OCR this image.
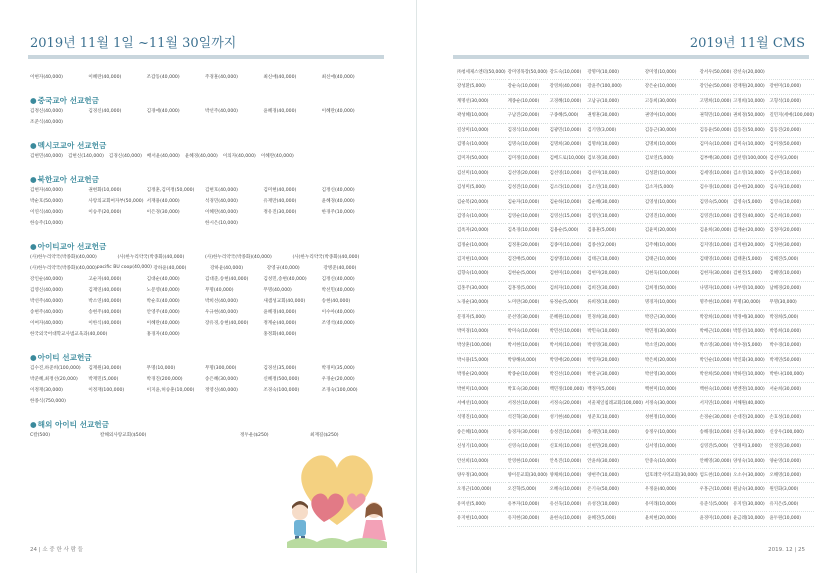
2019년 11월 1일 ~11월 30일까지
이현자(40,000)	이혜란(40,000)	조갑동(40,000)	주경훈(40,000)	최신애(40,000)	최신애(40,000)
●중국교아 선교헌금
김정신(40,000)	김경신(40,000)	김경애(40,000)	박선주(40,000)	윤혜경(40,000)	이혜란(40,000)
조준식(40,000)
●멕시코교아 선교헌금
김현민(40,000) 김현신(140,000) 김경신(40,000) 배서윤(40,000) 윤혜경(40,000) 이의자(40,000) 이혜란(40,000)
●북한교아 선교헌금
김현자(40,000)	권현화(10,000)	김정훈,김미정(50,000)	김현호(40,000)	김미현(40,000)	김정신(40,000)
박순호(50,000)	사랑의교회여자부(50,000) 서재용(40,000)	석경민(40,000)	유재만(40,000)	윤혜경(40,000)
이연식(40,000)	이승주(20,000)	이은경(30,000)	이혜란(40,000)	정유진(30,000)	한경주(10,000)
한승주(10,000)	한시은(10,000)
●아이티교아 선교헌금
(사)한누리약국(박종화)(40,000)	(사)한누리약국(박종화)(40,000)	(사)한누리약국(박종화)(40,000)	(사)한누리약국(박종화)(40,000)
(사)한누리약국(박종화)(40,000) pacific BU coop(40,000) 강하윤(40,000)	강하윤(40,000)	강영규(40,000)	강병준(40,000)
강인순(40,000)	고순자(40,000)	김대순(40,000)	김대준,송현(40,000)	김성민,송현(40,000)	김정신(40,000)
김영신(40,000)	김재연(40,000)	노문영(40,000)	무명(40,000)	무명(40,000)	박선민(40,000)
박선주(40,000)	박소연(40,000)	박순호(40,000)	박희선(40,000)	새샘성교회(40,000)	송현(40,000)
송현주(40,000)	송현주(40,000)	안영주(40,000)	우규현(40,000)	윤혜경(40,000)	이수아(40,000)
이여자(40,000)	이한식(40,000)	이혜란(40,000)	장유경,송현(40,000)	정계순(40,000)	조영석(40,000)
한국외국어대학교사범교육과(40,000)	홍경자(40,000)	홍정화(40,000)
●아이티 선교헌금
김수진,하준희(100,000)	김재원(30,000)	무명(10,000)	무명(300,000)	김경선(35,000)	박경미(35,000)
박준혜,최정선(20,000)	박재민(5,000)	박경진(200,000)	송은혜(30,000)	신혜정(500,000)	우경순(20,000)
이정재(30,000)	이정재(100,000)	이지윤,허승훈(10,000)	정영신(40,000)	조경숙(100,000)	조경숙(100,000)
한종식(750,000)
●해외 아이티 선교헌금
C칼(500)	칼해외사랑교회($500)	정두운($250)	최재길($250)
24 | 소 중 한 사 람 들
2019년 11월 CMS
㈜청세제스엔터(50,000) 강미영목장(50,000) 강도숙(10,000)	강명미(10,000)	강미영(10,000)	강서우(50,000) 강선숙(20,000)
강성환(5,000)	강순숙(10,000)	강영희(40,000)	강윤주(100,000)	강은순(10,000)	강인순(50,000) 강재원(20,000)	강현미(10,000)
계명선(30,000)	계종순(10,000)	고경혜(10,000)	고남규(10,000)	고동희(30,000)	고명희(10,000) 고정희(10,000)	고형석(10,000)
곽성혜(10,000)	구남진(20,000)	구종혜(5,000)	권병훈(30,000)	권영아(10,000)	권혁민(10,000) 권희경(50,000)	길민지(세예(100,000)
길상미(10,000)	김경식(10,000)	김광민(10,000)	김기영(3,000)	김동근(30,000)	김동윤(50,000) 김동진(50,000)	김동진(20,000)
김명숙(10,000)	김명숙(10,000)	김명희(30,000)	김명희(10,000)	김명희(10,000)	김미숙(10,000) 김미숙(10,000)	김미정(50,000)
김미자(50,000)	김미정(10,000)	김배드로(10,000) 김보경(30,000)	김보연(5,000)	김부배(30,000) 김선영(100,000) 김선미(3,000)
김선미(10,000)	김선영(20,000)	김선영(10,000)	김선미(10,000)	김성환(10,000)	김세영(10,000) 김소영(10,000)	김수민(10,000)
김성미(5,000)	김성진(10,000)	김소라(10,000)	김소연(10,000)	김소자(5,000)	김수경(10,000) 김수현(20,000)	김숙자(10,000)
김순복(20,000)	김순자(10,000)	김순하(10,000)	김순혜(30,000)	김영성(10,000)	김영숙(5,000)	김영숙(5,000)	김영숙(10,000)
김영숙(10,000)	김영순(10,000)	김영신(15,000)	김영인(10,000)	김영진(10,000)	김영진(10,000) 김영진(40,000)	김은희(10,000)
김옥자(20,000)	김옥경(10,000)	김용순(5,000)	김용훈(5,000)	김윤미(20,000)	김윤희(30,000) 김재순(20,000)	김정미(20,000)
김정순(10,000)	김정훈(20,000)	김종미(10,000)	김종선(2,000)	김주혜(10,000)	김지영(10,000) 김지현(20,000)	김지현(30,000)
김지현(10,000)	김진배(5,000)	김창명(10,000)	김태근(10,000)	김태근(10,000)	김태영(10,000) 김태훈(5,000)	김해진(5,000)
김향숙(10,000)	김현순(5,000)	김현미(10,000)	김현미(20,000)	김현욱(100,000)	김현자(30,000) 김현진(5,000)	김혜영(10,000)
김홍주(30,000)	김홍정(5,000)	김희자(10,000)	김희진(30,000)	김희정(50,000)	나명자(10,000) 나부영(10,000)	남혜경(20,000)
노경순(30,000)	노미란(30,000)	류정순(5,000)	류희정(10,000)	명경자(10,000)	명주현(10,000) 무명(30,000)	무명(30,000)
문경자(5,000)	문선영(30,000)	문혜원(10,000)	민경희(30,000)	박강근(30,000)	박강희(10,000) 박경애(30,000)	박경희(5,000)
박미경(10,000)	박미숙(10,000)	박민선(10,000)	박민숙(10,000)	박민정(30,000)	박배근(10,000) 박봉선(10,000)	박봉희(10,000)
박상훈(100,000)	박서현(10,000)	박서희(10,000)	박성영(30,000)	박소연(20,000)	박소영(30,000) 박수경(5,000)	박수경(10,000)
박시용(15,000)	박양해(4,000)	박영애(20,000)	박영자(20,000)	박은희(20,000)	박인순(10,000) 박인화(30,000)	박재연(50,000)
박정순(20,000)	박종순(10,000)	박진선(10,000)	박찬규(30,000)	박찬영(30,000)	박찬희(50,000) 박하린(10,000)	박한나(100,000)
박현미(10,000)	박효숙(30,000)	백민정(100,000) 백정미(5,000)	백현미(10,000)	백현숙(10,000) 변엔젼(10,000)	서순희(30,000)
서예선(10,000)	서정선(10,000)	서정숙(20,000)	서울제일침례교회(100,000) 서정숙(30,000)	서지연(10,000) 서해원(40,000)
석명진(10,000)	석진혁(30,000)	성기현(40,000)	성준호(10,000)	성현정(10,000)	손경순(30,000) 손대진(20,000)	손효성(10,000)
송은혜(10,000)	송경자(30,000)	송성진(10,000)	송재민(10,000)	송정우(10,000)	송해경(10,000) 신경숙(30,000)	신상우(100,000)
신성기(10,000)	신영숙(10,000)	신효희(10,000)	신현민(20,000)	심서영(10,000)	심영진(5,000)	안경미(3,000)	안경진(30,000)
안선희(10,000)	안영현(10,000)	안옥진(10,000)	안윤희(30,000)	안중숙(10,000)	안혜영(30,000) 양성숙(10,000)	양순영(10,000)
양우정(30,000)	양이문교회(30,000) 양채희(10,000)	양현주(10,000)	엄호례국사역교회(30,000) 엄도천(10,000) 오소수(30,000)	오해영(10,000)
오정근(100,000)	오진혁(5,000)	오혜숙(10,000)	온기숙(50,000)	우정윤(40,000)	우홍근(10,000) 원남숙(30,000)	원연화(3,000)
유미선(5,000)	유부자(10,000)	유선욱(10,000)	유성진(10,000)	유미래(10,000)	유준식(5,000)	유지연(30,000)	유지은(5,000)
유지현(10,000)	유지현(30,000)	윤현숙(10,000)	윤혜진(5,000)	윤희현(20,000)	윤경미(10,000) 윤금례(10,000)	윤두원(10,000)
2019. 12 | 25
